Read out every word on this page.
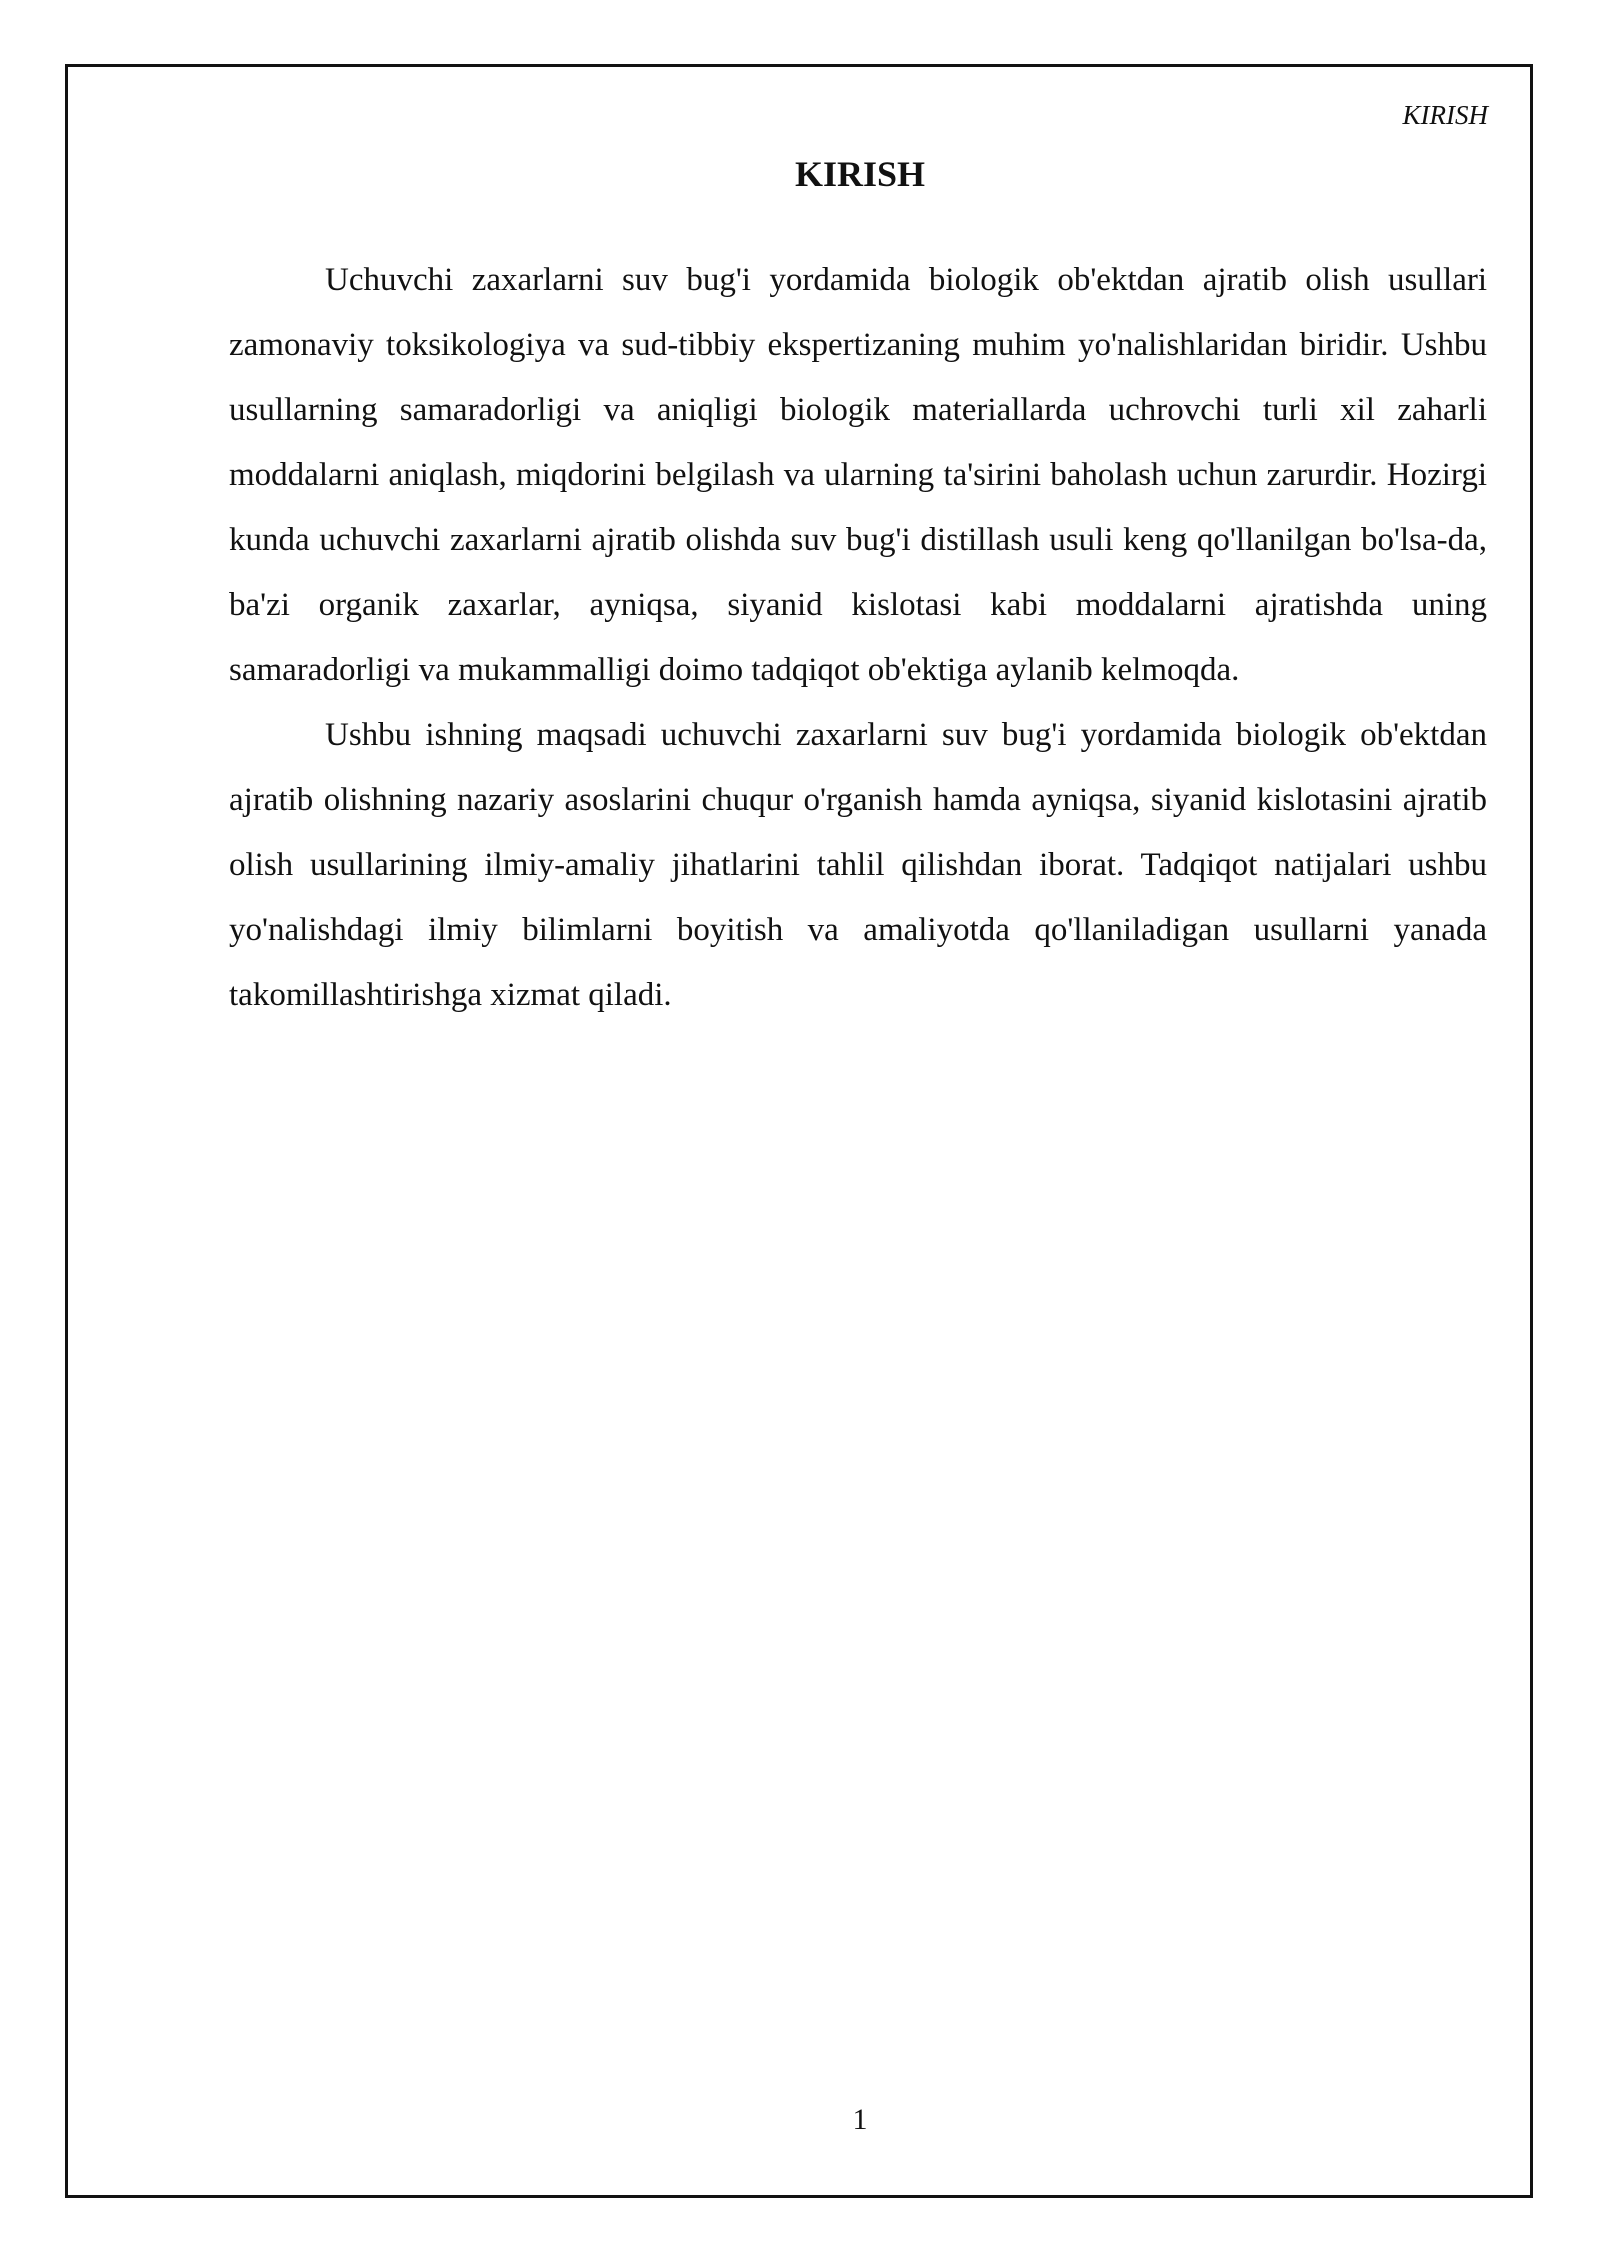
KIRISH
KIRISH

Uchuvchi zaxarlarni suv bug'i yordamida biologik ob'ektdan ajratib olish usullari zamonaviy toksikologiya va sud-tibbiy ekspertizaning muhim yo'nalishlaridan biridir. Ushbu usullarning samaradorligi va aniqligi biologik materiallarda uchrovchi turli xil zaharli moddalarni aniqlash, miqdorini belgilash va ularning ta'sirini baholash uchun zarurdir. Hozirgi kunda uchuvchi zaxarlarni ajratib olishda suv bug'i distillash usuli keng qo'llanilgan bo'lsa-da, ba'zi organik zaxarlar, ayniqsa, siyanid kislotasi kabi moddalarni ajratishda uning samaradorligi va mukammalligi doimo tadqiqot ob'ektiga aylanib kelmoqda.

Ushbu ishning maqsadi uchuvchi zaxarlarni suv bug'i yordamida biologik ob'ektdan ajratib olishning nazariy asoslarini chuqur o'rganish hamda ayniqsa, siyanid kislotasini ajratib olish usullarining ilmiy-amaliy jihatlarini tahlil qilishdan iborat. Tadqiqot natijalari ushbu yo'nalishdagi ilmiy bilimlarni boyitish va amaliyotda qo'llaniladigan usullarni yanada takomillashtirishga xizmat qiladi.

1
